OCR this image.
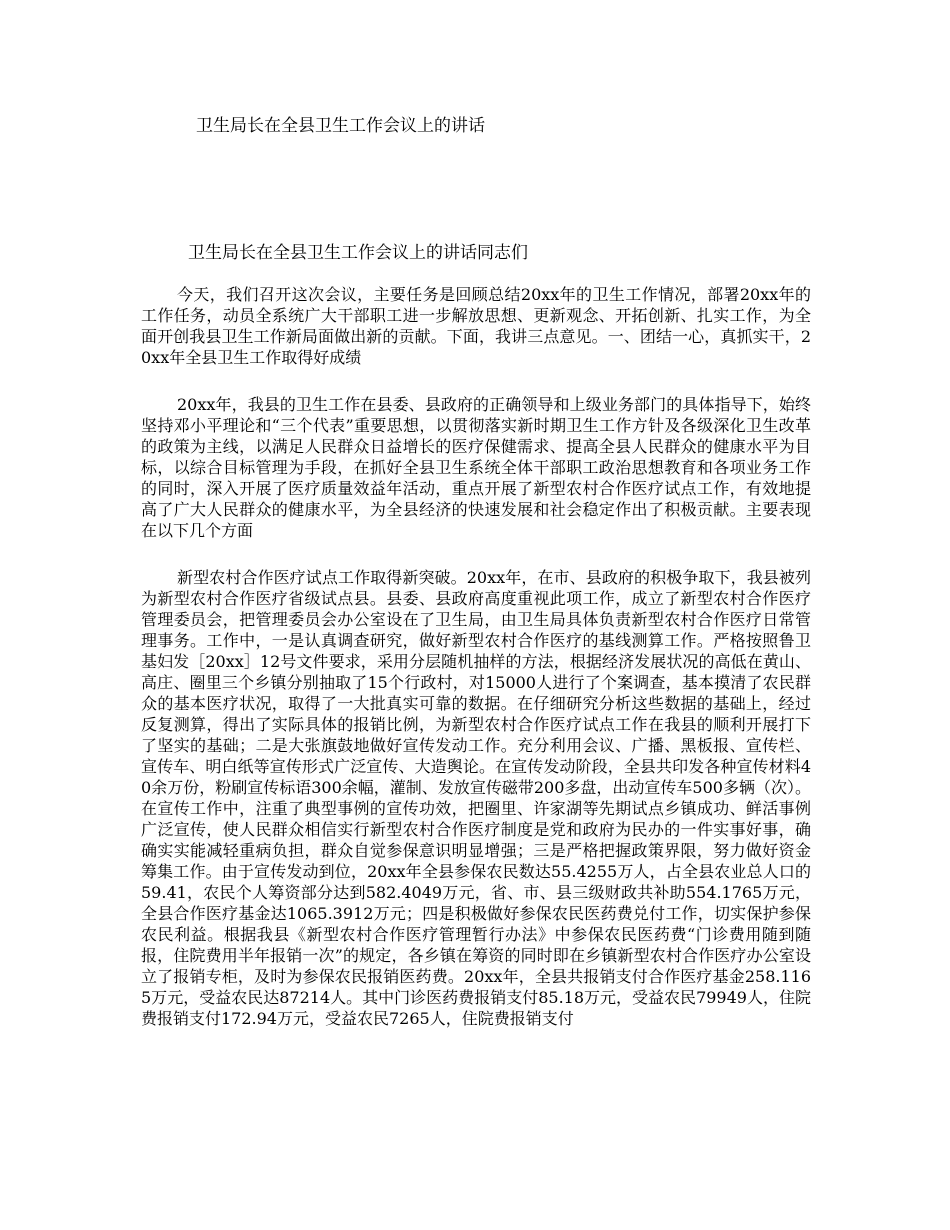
卫生局长在全县卫生工作会议上的讲话
卫生局长在全县卫生工作会议上的讲话同志们

今天，我们召开这次会议，主要任务是回顾总结20xx年的卫生工作情况，部署20xx年的工作任务，动员全系统广大干部职工进一步解放思想、更新观念、开拓创新、扎实工作，为全面开创我县卫生工作新局面做出新的贡献。下面，我讲三点意见。一、团结一心，真抓实干，20xx年全县卫生工作取得好成绩

20xx年，我县的卫生工作在县委、县政府的正确领导和上级业务部门的具体指导下，始终坚持邓小平理论和“三个代表”重要思想，以贯彻落实新时期卫生工作方针及各级深化卫生改革的政策为主线，以满足人民群众日益增长的医疗保健需求、提高全县人民群众的健康水平为目标，以综合目标管理为手段，在抓好全县卫生系统全体干部职工政治思想教育和各项业务工作的同时，深入开展了医疗质量效益年活动，重点开展了新型农村合作医疗试点工作，有效地提高了广大人民群众的健康水平，为全县经济的快速发展和社会稳定作出了积极贡献。主要表现在以下几个方面

新型农村合作医疗试点工作取得新突破。20xx年，在市、县政府的积极争取下，我县被列为新型农村合作医疗省级试点县。县委、县政府高度重视此项工作，成立了新型农村合作医疗管理委员会，把管理委员会办公室设在了卫生局，由卫生局具体负责新型农村合作医疗日常管理事务。工作中，一是认真调查研究，做好新型农村合作医疗的基线测算工作。严格按照鲁卫基妇发［20xx］12号文件要求，采用分层随机抽样的方法，根据经济发展状况的高低在黄山、高庄、圈里三个乡镇分别抽取了15个行政村，对15000人进行了个案调查，基本摸清了农民群众的基本医疗状况，取得了一大批真实可靠的数据。在仔细研究分析这些数据的基础上，经过反复测算，得出了实际具体的报销比例，为新型农村合作医疗试点工作在我县的顺利开展打下了坚实的基础；二是大张旗鼓地做好宣传发动工作。充分利用会议、广播、黑板报、宣传栏、宣传车、明白纸等宣传形式广泛宣传、大造舆论。在宣传发动阶段，全县共印发各种宣传材料40余万份，粉刷宣传标语300余幅，灌制、发放宣传磁带200多盘，出动宣传车500多辆（次）。在宣传工作中，注重了典型事例的宣传功效，把圈里、许家湖等先期试点乡镇成功、鲜活事例广泛宣传，使人民群众相信实行新型农村合作医疗制度是党和政府为民办的一件实事好事，确确实实能减轻重病负担，群众自觉参保意识明显增强；三是严格把握政策界限，努力做好资金筹集工作。由于宣传发动到位，20xx年全县参保农民数达55.4255万人，占全县农业总人口的59.41，农民个人筹资部分达到582.4049万元，省、市、县三级财政共补助554.1765万元，全县合作医疗基金达1065.3912万元；四是积极做好参保农民医药费兑付工作，切实保护参保农民利益。根据我县《新型农村合作医疗管理暂行办法》中参保农民医药费“门诊费用随到随报，住院费用半年报销一次”的规定，各乡镇在筹资的同时即在乡镇新型农村合作医疗办公室设立了报销专柜，及时为参保农民报销医药费。20xx年，全县共报销支付合作医疗基金258.1165万元，受益农民达87214人。其中门诊医药费报销支付85.18万元，受益农民79949人，住院费报销支付172.94万元，受益农民7265人，住院费报销支付
